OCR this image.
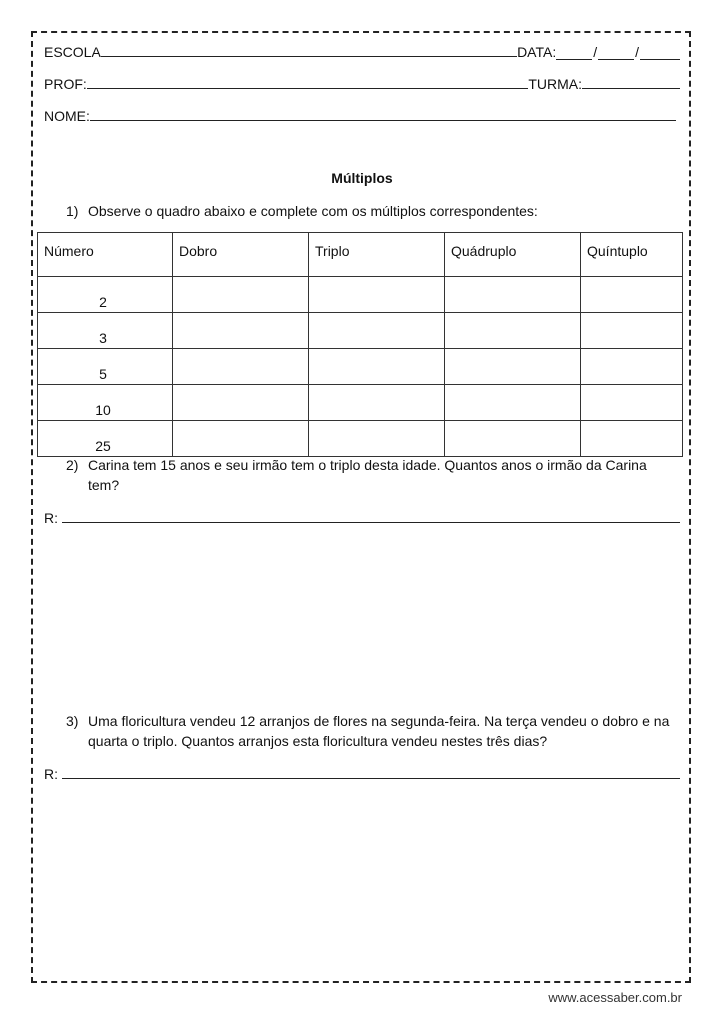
ESCOLA	DATA:	/	/
PROF:	TURMA:
NOME:
Múltiplos
1) Observe o quadro abaixo e complete com os múltiplos correspondentes:
Número	Dobro	Triplo	Quádruplo	Quíntuplo
2				
3				
5				
10				
25				
2) Carina tem 15 anos e seu irmão tem o triplo desta idade. Quantos anos o irmão da Carina tem?
R:
3) Uma floricultura vendeu 12 arranjos de flores na segunda-feira. Na terça vendeu o dobro e na quarta o triplo. Quantos arranjos esta floricultura vendeu nestes três dias?
R:
www.acessaber.com.br
